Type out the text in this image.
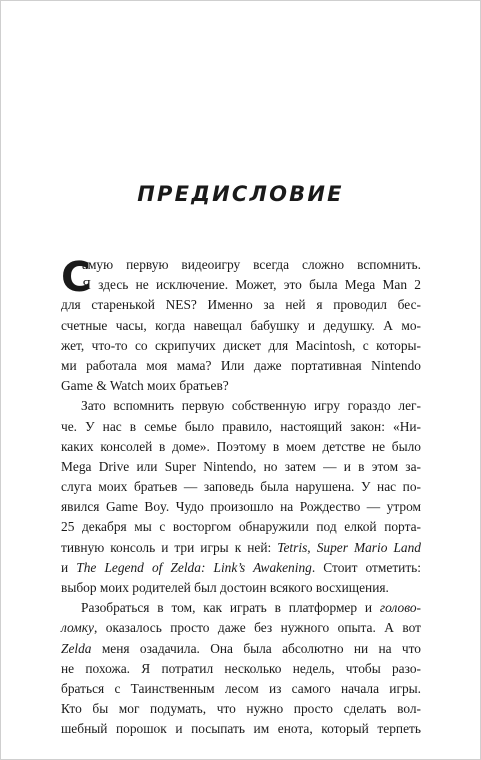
ПРЕДИСЛОВИЕ
С
амую первую видеоигру всегда сложно вспомнить.
Я здесь не исключение. Может, это была Mega Man 2
для старенькой NES? Именно за ней я проводил бес-
счетные часы, когда навещал бабушку и дедушку. А мо-
жет, что-то со скрипучих дискет для Macintosh, с которы-
ми работала моя мама? Или даже портативная Nintendo
Game & Watch моих братьев?
Зато вспомнить первую собственную игру гораздо лег-
че. У нас в семье было правило, настоящий закон: «Ни-
каких консолей в доме». Поэтому в моем детстве не было
Mega Drive или Super Nintendo, но затем — и в этом за-
слуга моих братьев — заповедь была нарушена. У нас по-
явился Game Boy. Чудо произошло на Рождество — утром
25 декабря мы с восторгом обнаружили под елкой порта-
тивную консоль и три игры к ней: Tetris, Super Mario Land
и The Legend of Zelda: Link’s Awakening. Стоит отметить:
выбор моих родителей был достоин всякого восхищения.
Разобраться в том, как играть в платформер и голово-
ломку, оказалось просто даже без нужного опыта. А вот
Zelda меня озадачила. Она была абсолютно ни на что
не похожа. Я потратил несколько недель, чтобы разо-
браться с Таинственным лесом из самого начала игры.
Кто бы мог подумать, что нужно просто сделать вол-
шебный порошок и посыпать им енота, который терпеть
